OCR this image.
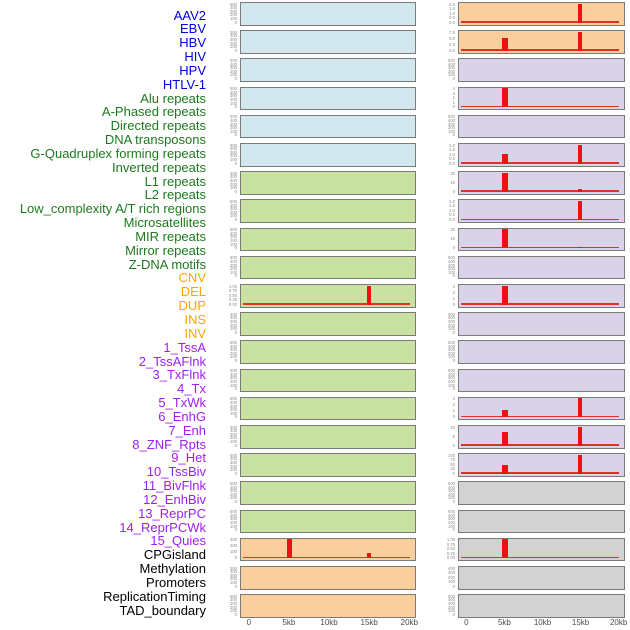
AAV2
EBV
HBV
HIV
HPV
HTLV-1
Alu repeats
A-Phased repeats
Directed repeats
DNA transposons
G-Quadruplex forming repeats
Inverted repeats
L1 repeats
L2 repeats
Low_complexity A/T rich regions
Microsatellites
MIR repeats
Mirror repeats
Z-DNA motifs
CNV
DEL
DUP
INS
INV
1_TssA
2_TssAFlnk
3_TxFlnk
4_Tx
5_TxWk
6_EnhG
7_Enh
8_ZNF_Rpts
9_Het
10_TssBiv
11_BivFlnk
12_EnhBiv
13_ReprPC
14_ReprPCWk
15_Quies
CPGisland
Methylation
Promoters
ReplicationTiming
TAD_boundary
0	5kb	10kb	15kb	20kb	0	5kb	10kb	15kb	20kb
0
100
200
300
400
500
0
100
200
300
400
500
0
100
200
300
400
500
0
100
200
300
400
500
0
100
200
300
400
500
0
100
200
300
400
500
0
100
200
300
400
500
0
100
200
300
400
500
0
100
200
300
400
500
0
100
200
300
400
500
0.00
0.25
0.50
0.75
1.00
0
100
200
300
400
500
0
100
200
300
400
500
0
100
200
300
400
500
0
100
200
300
400
500
0
100
200
300
400
500
0
100
200
300
400
500
0
100
200
300
400
500
0
100
200
300
400
500
0
100
200
300
0
100
200
300
400
500
0
100
200
300
400
500
0.0
0.5
1.0
1.5
2.0
0.0
2.5
5.0
7.5
0
100
200
300
400
500
0
1
2
3
4
0
100
200
300
400
500
0.0
0.5
1.0
1.5
2.0
0
10
20
0.0
0.5
1.0
1.5
2.0
0
10
20
0
100
200
300
400
500
0
1
2
3
0
100
200
300
400
500
0
100
200
300
400
500
0
100
200
300
400
500
0
1
2
3
0
5
10
0
25
50
75
100
0
100
200
300
400
500
0
100
200
300
400
500
0.00
0.25
0.50
0.75
1.00
0
100
200
300
400
0
100
200
300
400
500
